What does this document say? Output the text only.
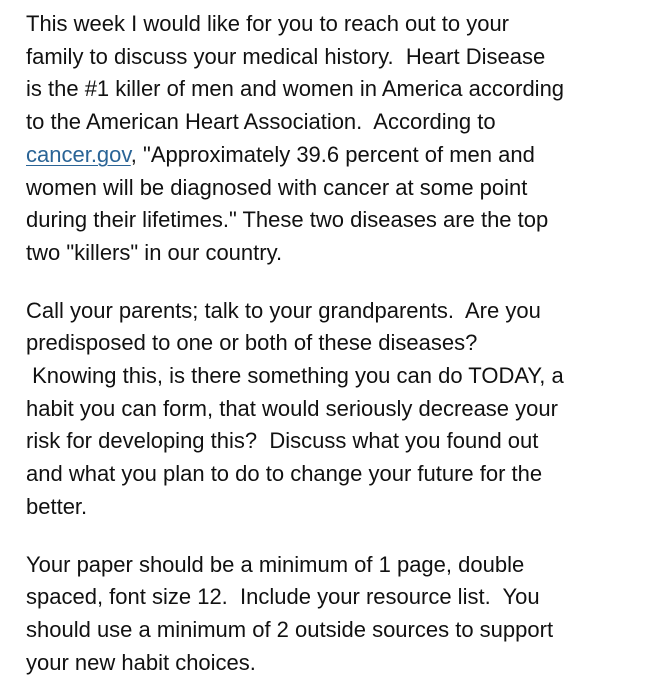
This week I would like for you to reach out to your
family to discuss your medical history.  Heart Disease
is the #1 killer of men and women in America according
to the American Heart Association.  According to
cancer.gov, "Approximately 39.6 percent of men and
women will be diagnosed with cancer at some point
during their lifetimes." These two diseases are the top
two "killers" in our country.

Call your parents; talk to your grandparents.  Are you
predisposed to one or both of these diseases?
Knowing this, is there something you can do TODAY, a
habit you can form, that would seriously decrease your
risk for developing this?  Discuss what you found out
and what you plan to do to change your future for the
better.

Your paper should be a minimum of 1 page, double
spaced, font size 12.  Include your resource list.  You
should use a minimum of 2 outside sources to support
your new habit choices.
